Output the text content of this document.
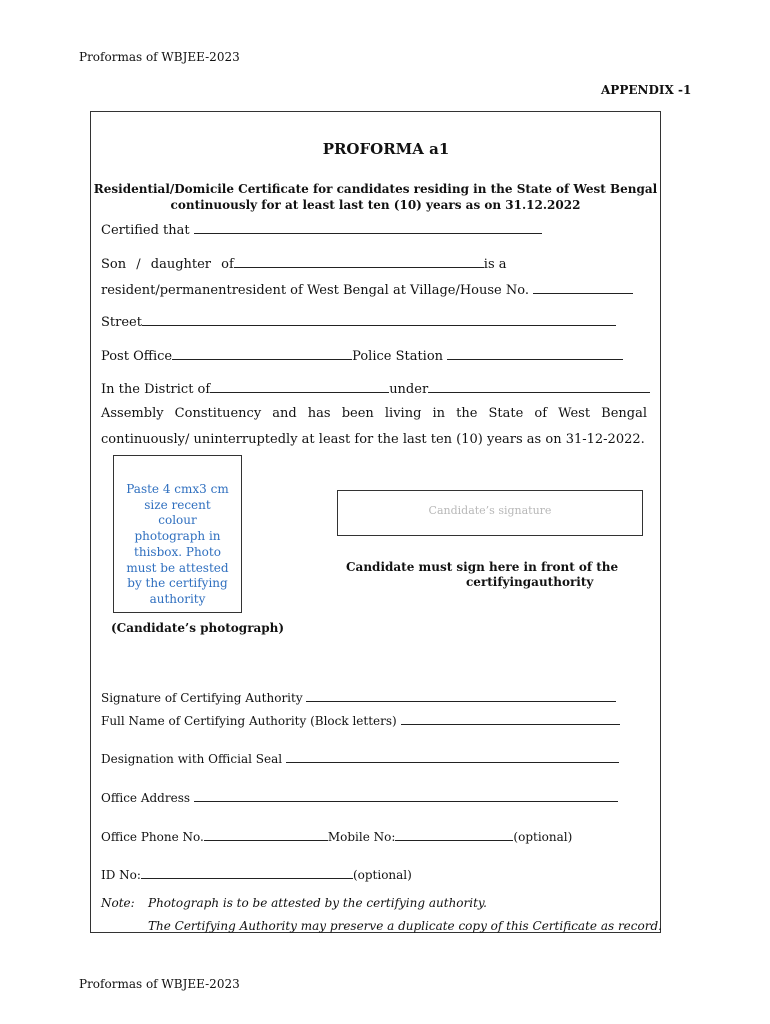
Proformas of WBJEE-2023
APPENDIX -1
PROFORMA a1
Residential/Domicile Certificate for candidates residing in the State of West Bengal
continuously for at least last ten (10) years as on 31.12.2022
Certified that
Son / daughter of	is a
resident/permanentresident of West Bengal at Village/House No.
Street
Post Office	Police Station
In the District of	under
Assembly Constituency and has been living in the State of West Bengal
continuously/ uninterruptedly at least for the last ten (10) years as on 31-12-2022.
Paste 4 cmx3 cm
size recent
colour
photograph in
thisbox. Photo
must be attested
by the certifying
authority
(Candidate’s photograph)
Candidate’s signature
Candidate must sign here in front of the
certifyingauthority
Signature of Certifying Authority
Full Name of Certifying Authority (Block letters)
Designation with Official Seal
Office Address
Office Phone No.	Mobile No:	(optional)
ID No:	(optional)
Note: Photograph is to be attested by the certifying authority.
The Certifying Authority may preserve a duplicate copy of this Certificate as record.
Proformas of WBJEE-2023
